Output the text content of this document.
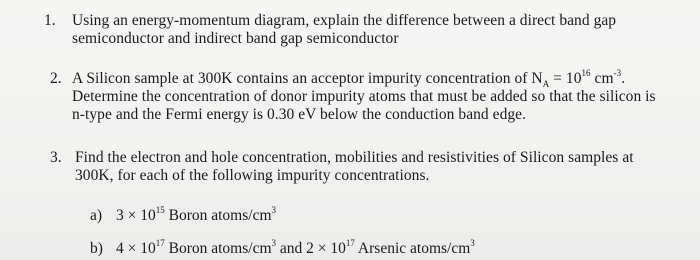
1. Using an energy-momentum diagram, explain the difference between a direct band gap
semiconductor and indirect band gap semiconductor
2. A Silicon sample at 300K contains an acceptor impurity concentration of $N_A = 10^{16}$ $cm^{-3}$.
Determine the concentration of donor impurity atoms that must be added so that the silicon is
n-type and the Fermi energy is 0.30 eV below the conduction band edge.
3. Find the electron and hole concentration, mobilities and resistivities of Silicon samples at
300K, for each of the following impurity concentrations.
a) $3 \times 10^{15}$ Boron atoms/$cm^3$
b) $4 \times 10^{17}$ Boron atoms/$cm^3$ and $2 \times 10^{17}$ Arsenic atoms/$cm^3$
